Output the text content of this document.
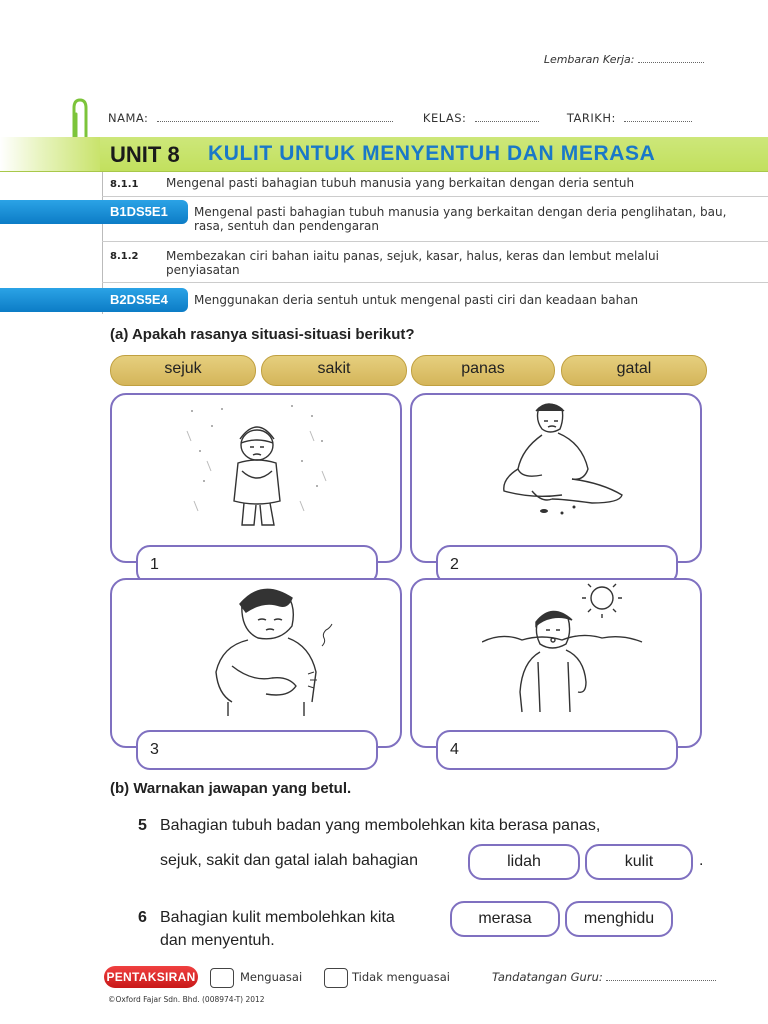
Lembaran Kerja:
NAMA:	KELAS:	TARIKH:
UNIT 8 KULIT UNTUK MENYENTUH DAN MERASA
8.1.1 Mengenal pasti bahagian tubuh manusia yang berkaitan dengan deria sentuh
B1DS5E1 Mengenal pasti bahagian tubuh manusia yang berkaitan dengan deria penglihatan, bau, rasa, sentuh dan pendengaran
8.1.2 Membezakan ciri bahan iaitu panas, sejuk, kasar, halus, keras dan lembut melalui penyiasatan
B2DS5E4 Menggunakan deria sentuh untuk mengenal pasti ciri dan keadaan bahan
(a) Apakah rasanya situasi-situasi berikut?
sejuk	sakit	panas	gatal
1	2
3	4
(b) Warnakan jawapan yang betul.
5 Bahagian tubuh badan yang membolehkan kita berasa panas,
sejuk, sakit dan gatal ialah bahagian	lidah	kulit	.
6 Bahagian kulit membolehkan kita
dan menyentuh.
merasa	menghidu
PENTAKSIRAN	Menguasai	Tidak menguasai	Tandatangan Guru:
©Oxford Fajar Sdn. Bhd. (008974-T) 2012
